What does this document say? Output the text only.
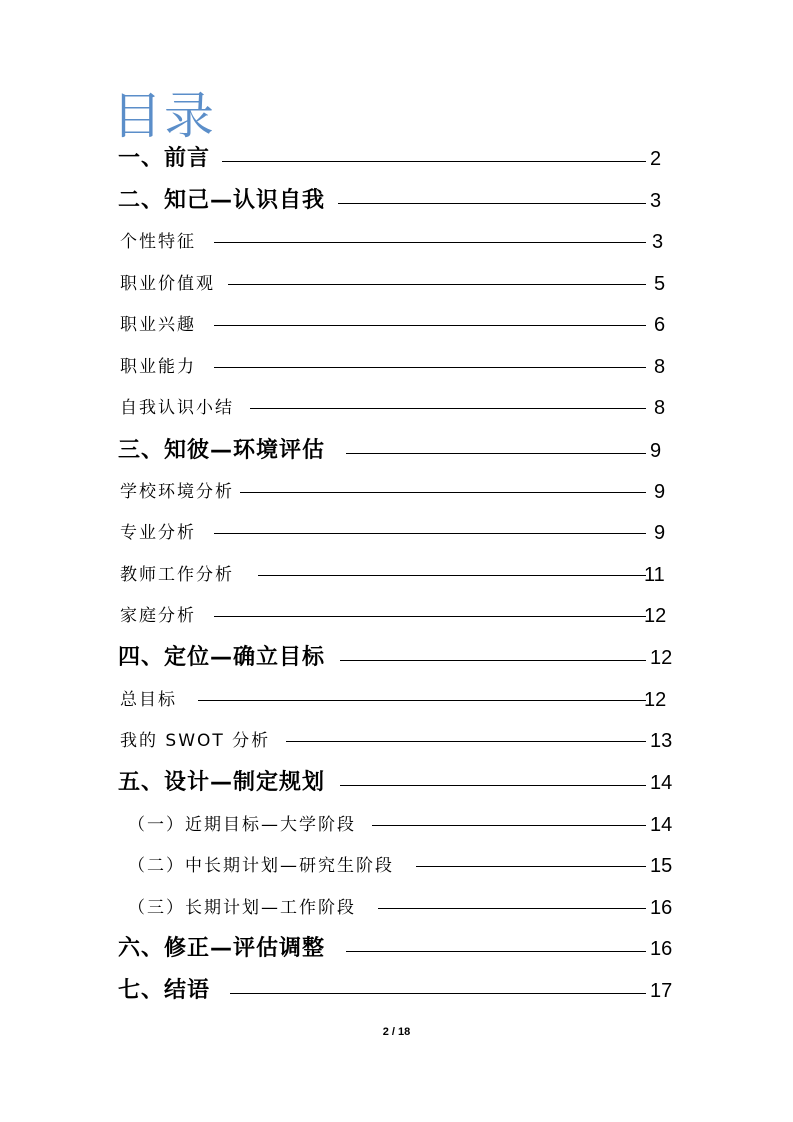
目录
一、前言	2
二、知己—认识自我	3
个性特征	3
职业价值观	5
职业兴趣	6
职业能力	8
自我认识小结	8
三、知彼—环境评估	9
学校环境分析	9
专业分析	9
教师工作分析	11
家庭分析	12
四、定位—确立目标	12
总目标	12
我的 SWOT 分析	13
五、设计—制定规划	14
（一）近期目标—大学阶段	14
（二）中长期计划—研究生阶段	15
（三）长期计划—工作阶段	16
六、修正—评估调整	16
七、结语	17
2 / 18
